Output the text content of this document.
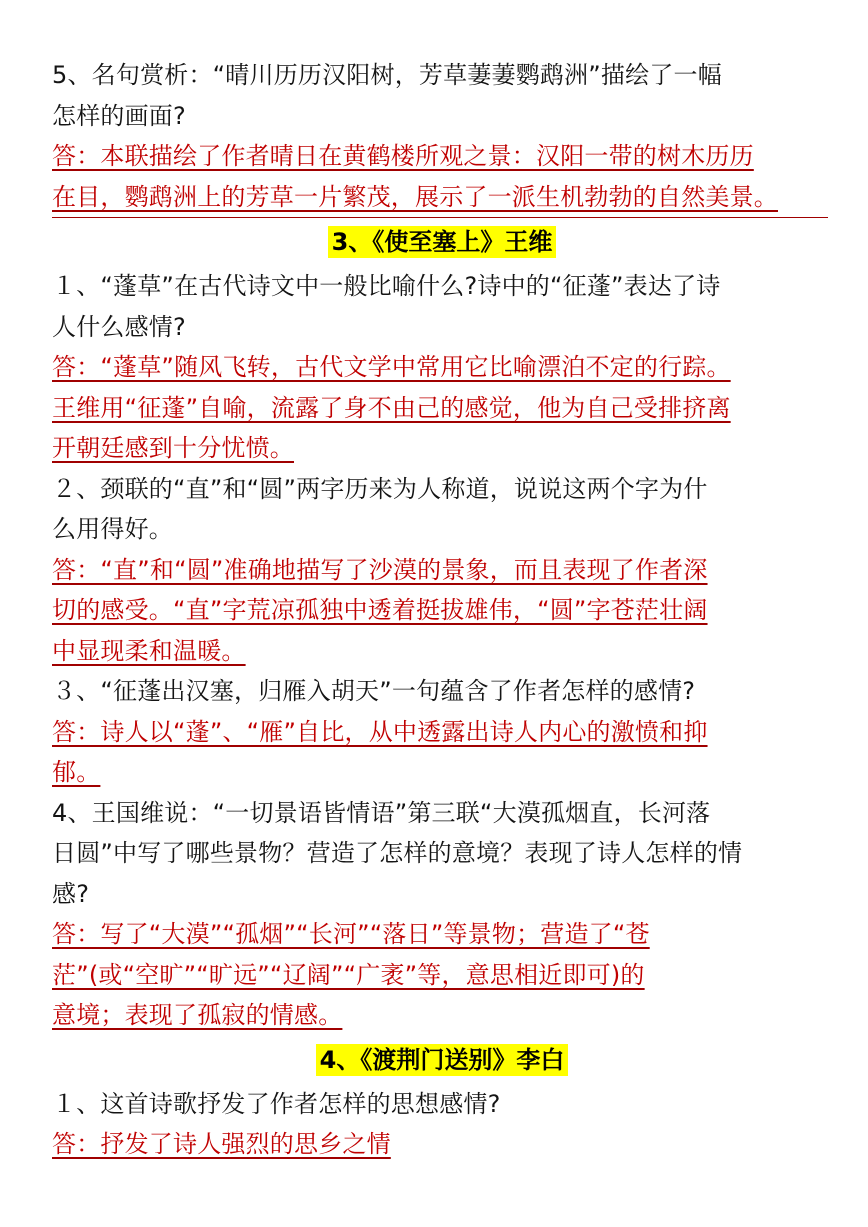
5、名句赏析：“晴川历历汉阳树，芳草萋萋鹦鹉洲”描绘了一幅
怎样的画面?
答：本联描绘了作者晴日在黄鹤楼所观之景：汉阳一带的树木历历
在目，鹦鹉洲上的芳草一片繁茂，展示了一派生机勃勃的自然美景。
3、《使至塞上》王维
１、“蓬草”在古代诗文中一般比喻什么?诗中的“征蓬”表达了诗
人什么感情?
答：“蓬草”随风飞转，古代文学中常用它比喻漂泊不定的行踪。
王维用“征蓬”自喻，流露了身不由己的感觉，他为自己受排挤离
开朝廷感到十分忧愤。
２、颈联的“直”和“圆”两字历来为人称道，说说这两个字为什
么用得好。
答：“直”和“圆”准确地描写了沙漠的景象，而且表现了作者深
切的感受。“直”字荒凉孤独中透着挺拔雄伟，“圆”字苍茫壮阔
中显现柔和温暖。
３、“征蓬出汉塞，归雁入胡天”一句蕴含了作者怎样的感情?
答：诗人以“蓬”、“雁”自比，从中透露出诗人内心的激愤和抑
郁。
4、王国维说：“一切景语皆情语”第三联“大漠孤烟直，长河落
日圆”中写了哪些景物？营造了怎样的意境？表现了诗人怎样的情
感?
答：写了“大漠”“孤烟”“长河”“落日”等景物；营造了“苍
茫”(或“空旷”“旷远”“辽阔”“广袤”等，意思相近即可)的
意境；表现了孤寂的情感。
4、《渡荆门送别》李白
１、这首诗歌抒发了作者怎样的思想感情?
答：抒发了诗人强烈的思乡之情
